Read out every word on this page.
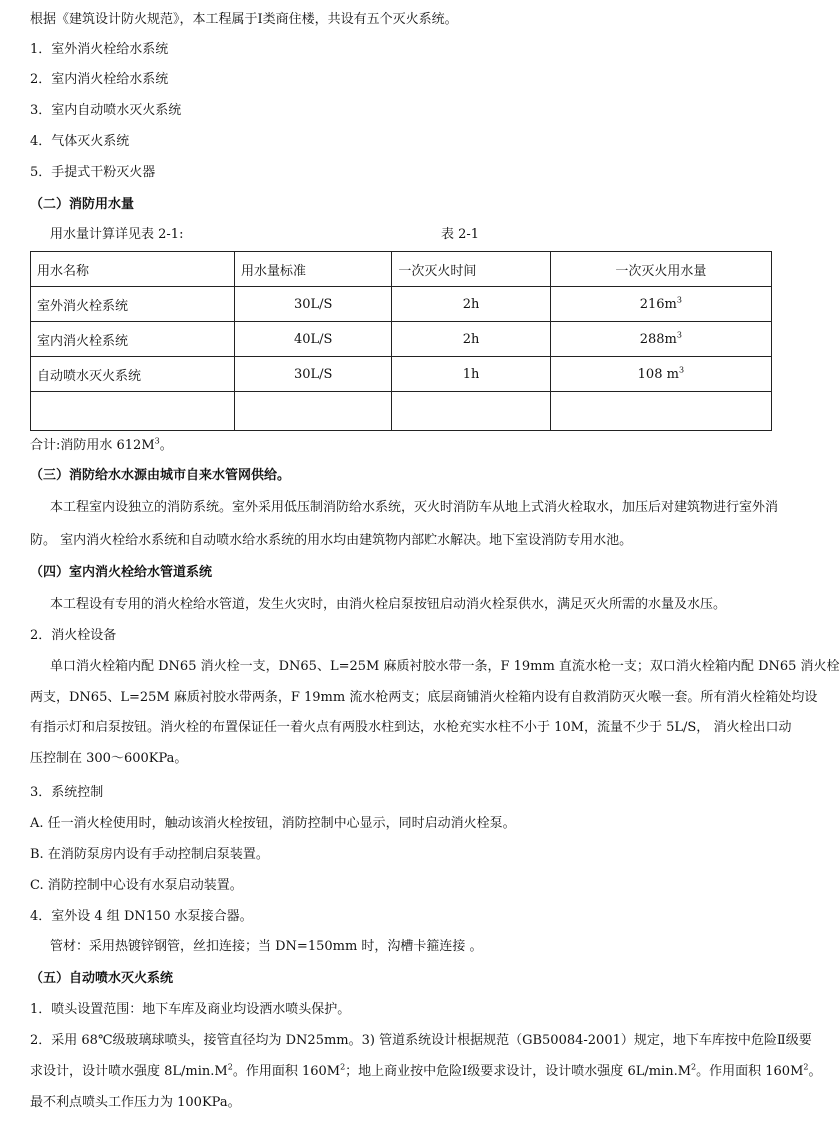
根据《建筑设计防火规范》，本工程属于Ⅰ类商住楼，共设有五个灭火系统。
1．室外消火栓给水系统
2．室内消火栓给水系统
3．室内自动喷水灭火系统
4．气体灭火系统
5．手提式干粉灭火器
（二）消防用水量
用水量计算详见表 2-1:	表 2-1
用水名称	用水量标准	一次灭火时间	一次灭火用水量
室外消火栓系统	30L/S	2h	$216m^3$
室内消火栓系统	40L/S	2h	$288m^3$
自动喷水灭火系统	30L/S	1h	108 $m^3$

合计:消防用水 $612M^3$。
（三）消防给水水源由城市自来水管网供给。
本工程室内设独立的消防系统。室外采用低压制消防给水系统，灭火时消防车从地上式消火栓取水，加压后对建筑物进行室外消
防。 室内消火栓给水系统和自动喷水给水系统的用水均由建筑物内部贮水解决。地下室设消防专用水池。
（四）室内消火栓给水管道系统
本工程设有专用的消火栓给水管道，发生火灾时，由消火栓启泵按钮启动消火栓泵供水，满足灭火所需的水量及水压。
2．消火栓设备
单口消火栓箱内配 DN65 消火栓一支，DN65、L=25M 麻质衬胶水带一条，F 19mm 直流水枪一支；双口消火栓箱内配 DN65 消火栓
两支，DN65、L=25M 麻质衬胶水带两条，F 19mm 流水枪两支；底层商铺消火栓箱内设有自救消防灭火喉一套。所有消火栓箱处均设
有指示灯和启泵按钮。消火栓的布置保证任一着火点有两股水柱到达，水枪充实水柱不小于 10M，流量不少于 5L/S， 消火栓出口动
压控制在 300～600KPa。
3．系统控制
A. 任一消火栓使用时，触动该消火栓按钮，消防控制中心显示，同时启动消火栓泵。
B. 在消防泵房内设有手动控制启泵装置。
C. 消防控制中心设有水泵启动装置。
4．室外设 4 组 DN150 水泵接合器。
管材：采用热镀锌钢管，丝扣连接；当 DN=150mm 时，沟槽卡箍连接 。
（五）自动喷水灭火系统
1．喷头设置范围：地下车库及商业均设洒水喷头保护。
2．采用 68℃级玻璃球喷头，接管直径均为 DN25mm。3) 管道系统设计根据规范（GB50084-2001）规定，地下车库按中危险Ⅱ级要
求设计，设计喷水强度 $8L/\min.M^2$。作用面积 $160M^2$；地上商业按中危险Ⅰ级要求设计，设计喷水强度 $6L/\min.M^2$。作用面积 $160M^2$。
最不利点喷头工作压力为 100KPa。
